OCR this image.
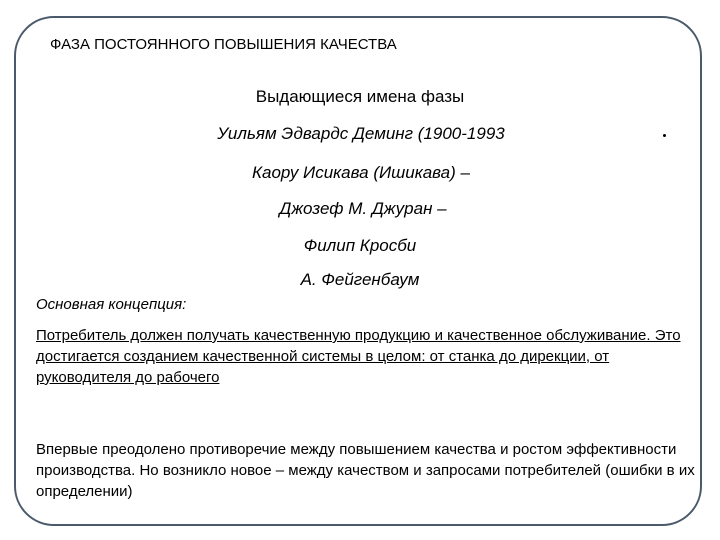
ФАЗА ПОСТОЯННОГО ПОВЫШЕНИЯ КАЧЕСТВА
Выдающиеся имена фазы
Уильям Эдвардс Деминг (1900-1993
Каору Исикава (Ишикава) –
Джозеф М. Джуран –
Филип Кросби
А. Фейгенбаум
Основная концепция:
Потребитель должен получать качественную продукцию и качественное обслуживание. Это достигается созданием качественной системы в целом: от станка до дирекции, от руководителя до рабочего
Впервые преодолено противоречие между повышением качества и ростом эффективности производства. Но возникло новое – между качеством и запросами потребителей (ошибки в их определении)
